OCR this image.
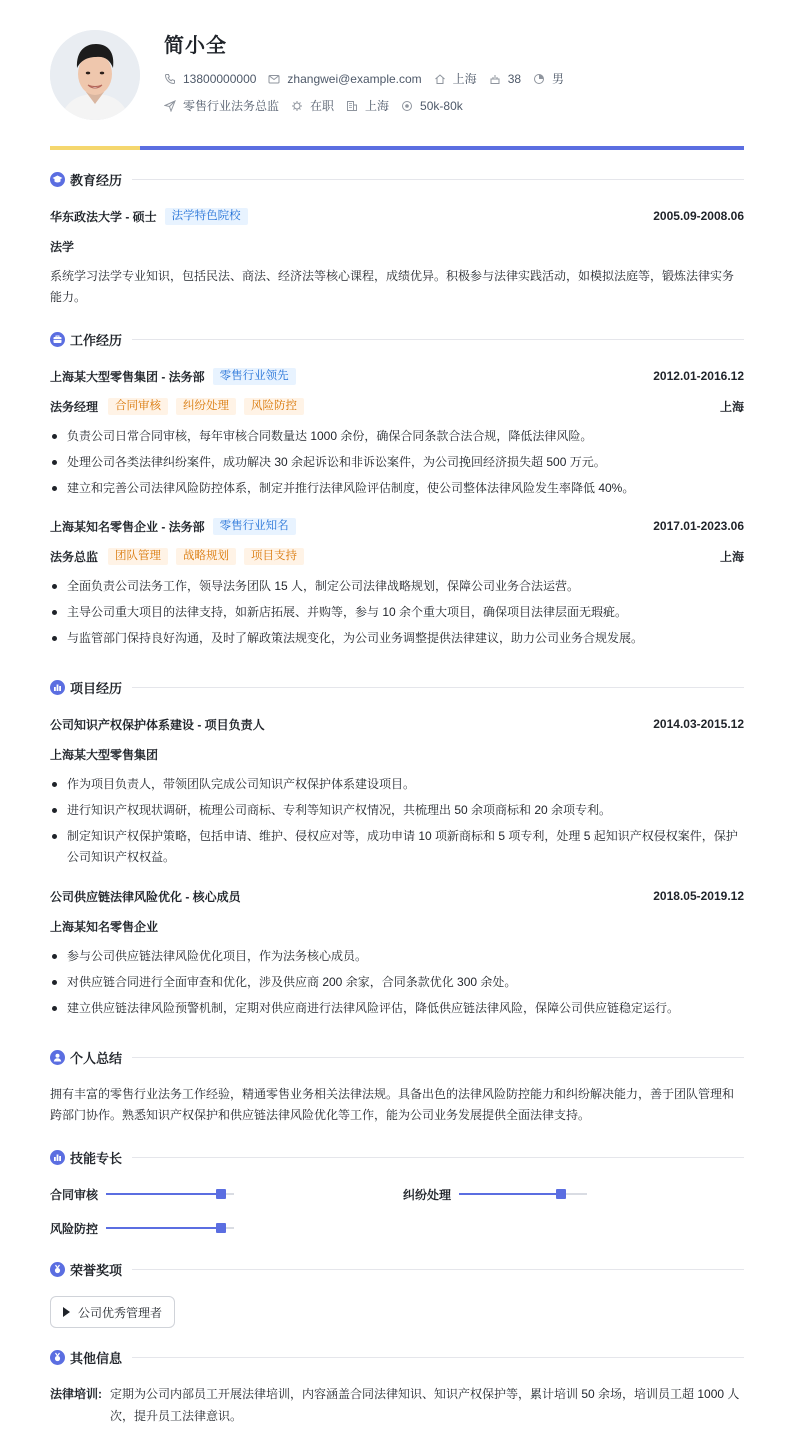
简小全
13800000000	zhangwei@example.com	上海	38	男
零售行业法务总监	在职	上海	50k-80k
教育经历
华东政法大学 - 硕士	法学特色院校	2005.09-2008.06
法学
系统学习法学专业知识，包括民法、商法、经济法等核心课程，成绩优异。积极参与法律实践活动，如模拟法庭等，锻炼法律实务能力。
工作经历
上海某大型零售集团 - 法务部	零售行业领先	2012.01-2016.12
法务经理	合同审核	纠纷处理	风险防控	上海
负责公司日常合同审核，每年审核合同数量达 1000 余份，确保合同条款合法合规，降低法律风险。
处理公司各类法律纠纷案件，成功解决 30 余起诉讼和非诉讼案件，为公司挽回经济损失超 500 万元。
建立和完善公司法律风险防控体系，制定并推行法律风险评估制度，使公司整体法律风险发生率降低 40%。
上海某知名零售企业 - 法务部	零售行业知名	2017.01-2023.06
法务总监	团队管理	战略规划	项目支持	上海
全面负责公司法务工作，领导法务团队 15 人，制定公司法律战略规划，保障公司业务合法运营。
主导公司重大项目的法律支持，如新店拓展、并购等，参与 10 余个重大项目，确保项目法律层面无瑕疵。
与监管部门保持良好沟通，及时了解政策法规变化，为公司业务调整提供法律建议，助力公司业务合规发展。
项目经历
公司知识产权保护体系建设 - 项目负责人	2014.03-2015.12
上海某大型零售集团
作为项目负责人，带领团队完成公司知识产权保护体系建设项目。
进行知识产权现状调研，梳理公司商标、专利等知识产权情况，共梳理出 50 余项商标和 20 余项专利。
制定知识产权保护策略，包括申请、维护、侵权应对等，成功申请 10 项新商标和 5 项专利，处理 5 起知识产权侵权案件，保护公司知识产权权益。
公司供应链法律风险优化 - 核心成员	2018.05-2019.12
上海某知名零售企业
参与公司供应链法律风险优化项目，作为法务核心成员。
对供应链合同进行全面审查和优化，涉及供应商 200 余家，合同条款优化 300 余处。
建立供应链法律风险预警机制，定期对供应商进行法律风险评估，降低供应链法律风险，保障公司供应链稳定运行。
个人总结
拥有丰富的零售行业法务工作经验，精通零售业务相关法律法规。具备出色的法律风险防控能力和纠纷解决能力，善于团队管理和跨部门协作。熟悉知识产权保护和供应链法律风险优化等工作，能为公司业务发展提供全面法律支持。
技能专长
合同审核	纠纷处理
风险防控
荣誉奖项
公司优秀管理者
其他信息
法律培训: 定期为公司内部员工开展法律培训，内容涵盖合同法律知识、知识产权保护等，累计培训 50 余场，培训员工超 1000 人次，提升员工法律意识。
